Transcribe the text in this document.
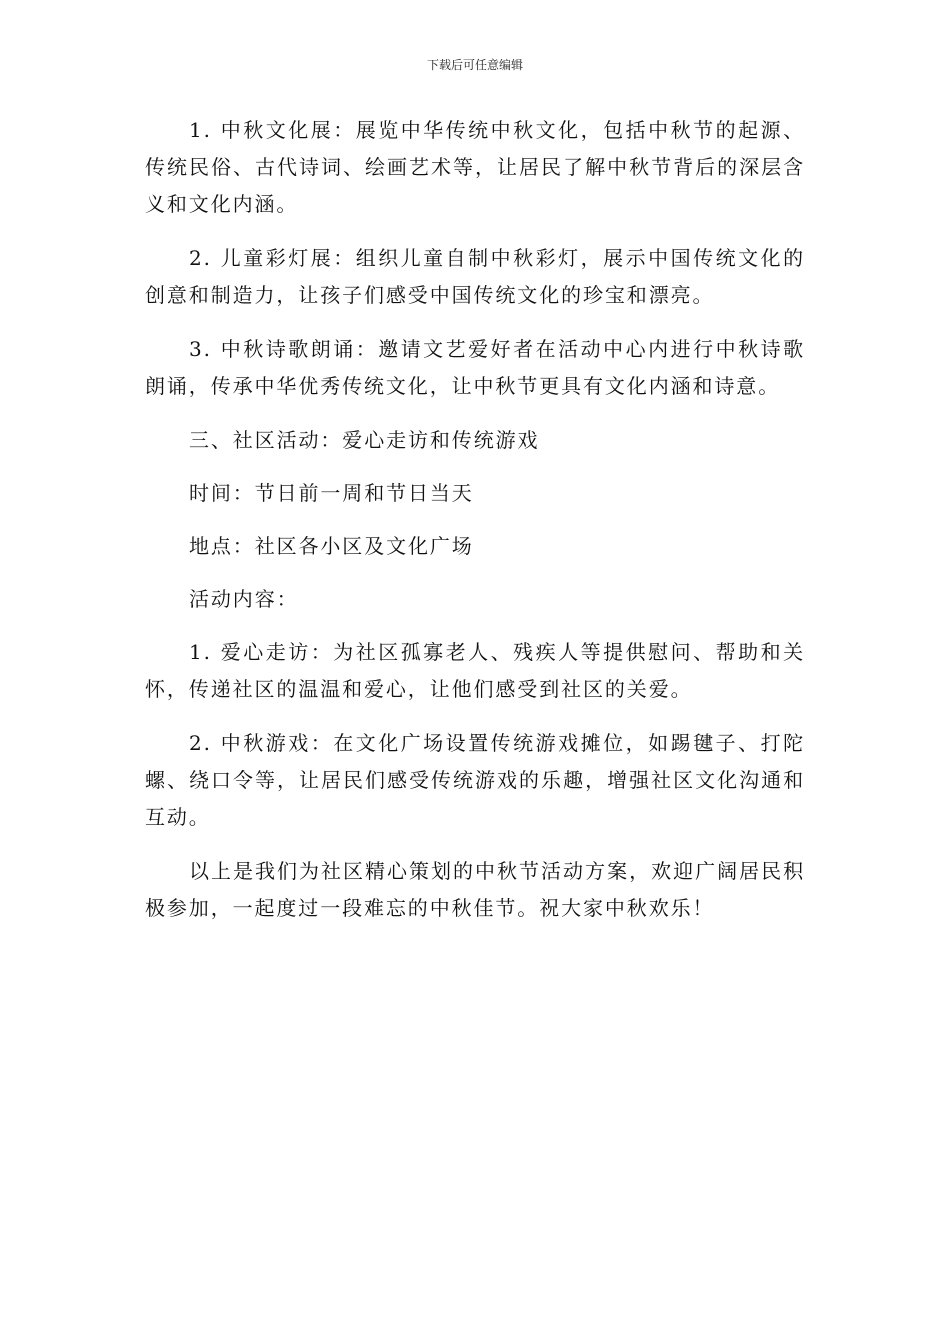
下载后可任意编辑

1. 中秋文化展：展览中华传统中秋文化，包括中秋节的起源、传统民俗、古代诗词、绘画艺术等，让居民了解中秋节背后的深层含义和文化内涵。

2. 儿童彩灯展：组织儿童自制中秋彩灯，展示中国传统文化的创意和制造力，让孩子们感受中国传统文化的珍宝和漂亮。

3. 中秋诗歌朗诵：邀请文艺爱好者在活动中心内进行中秋诗歌朗诵，传承中华优秀传统文化，让中秋节更具有文化内涵和诗意。

三、社区活动：爱心走访和传统游戏

时间：节日前一周和节日当天

地点：社区各小区及文化广场

活动内容：

1. 爱心走访：为社区孤寡老人、残疾人等提供慰问、帮助和关怀，传递社区的温温和爱心，让他们感受到社区的关爱。

2. 中秋游戏：在文化广场设置传统游戏摊位，如踢毽子、打陀螺、绕口令等，让居民们感受传统游戏的乐趣，增强社区文化沟通和互动。

以上是我们为社区精心策划的中秋节活动方案，欢迎广阔居民积极参加，一起度过一段难忘的中秋佳节。祝大家中秋欢乐！
